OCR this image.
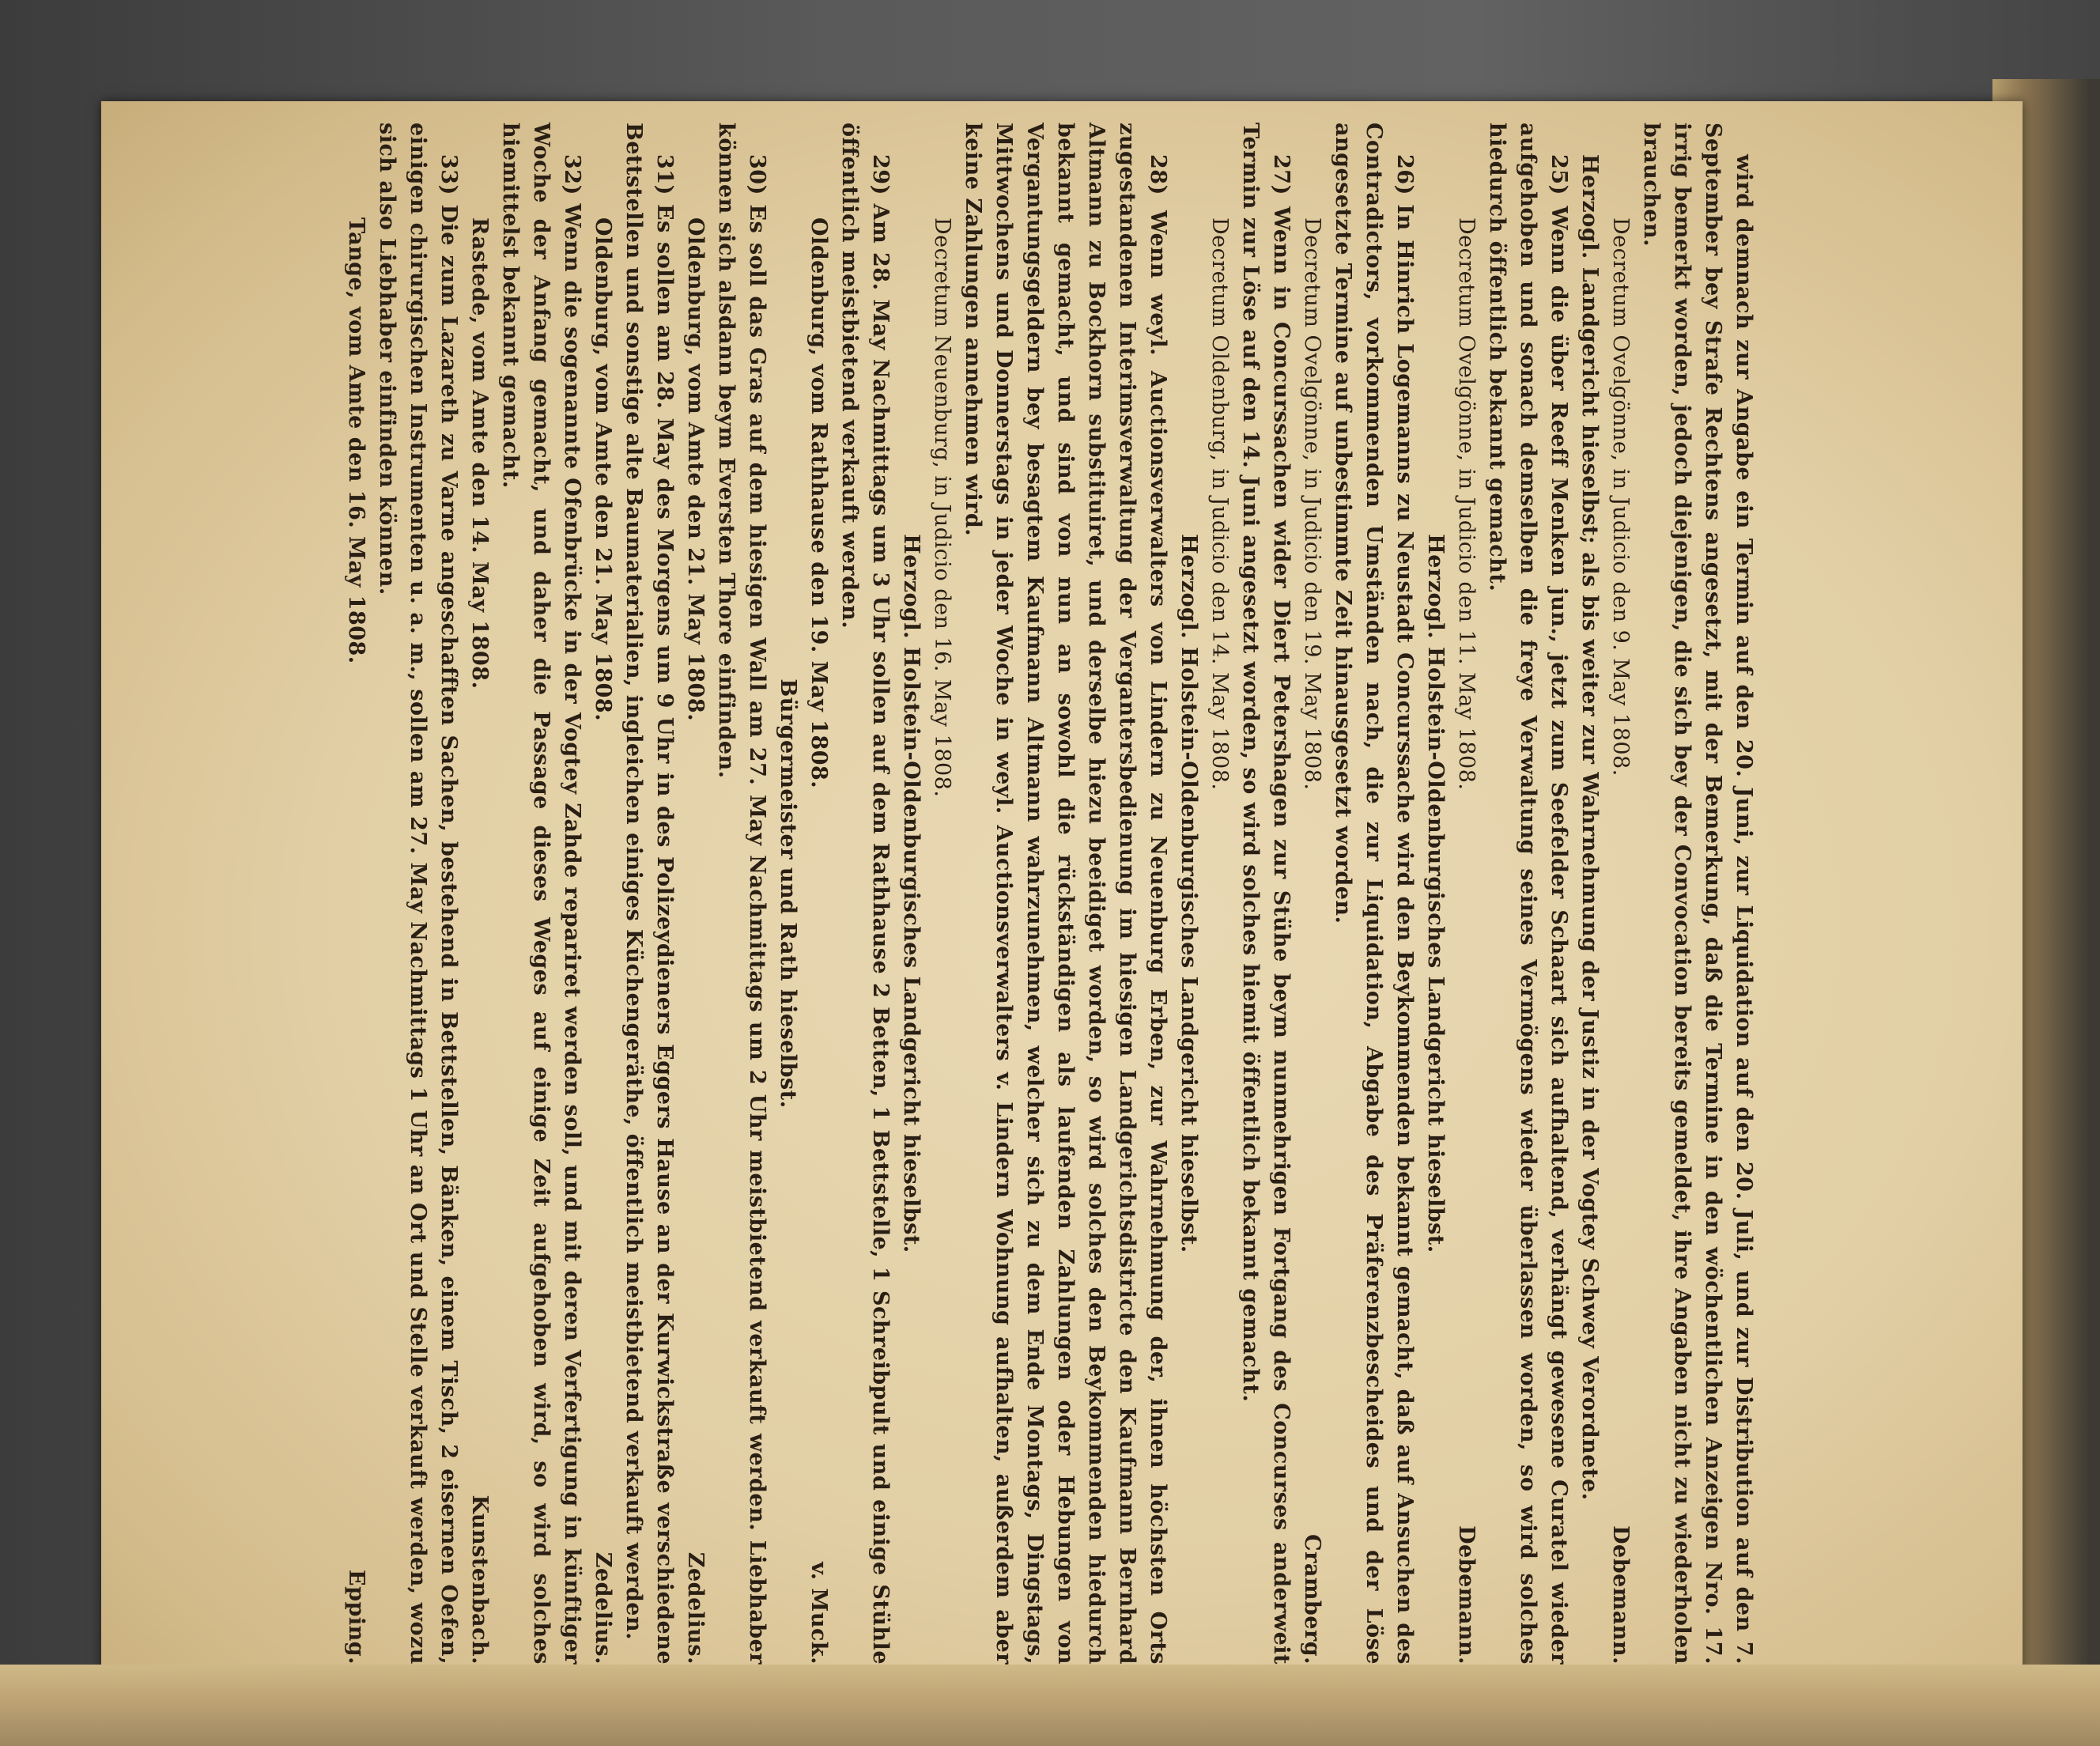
wird demnach zur Angabe ein Termin auf den 20. Juni, zur Liquidation auf den 20. Juli, und zur Distribution auf den 7. September bey Strafe Rechtens angesetzt, mit der Bemerkung, daß die Termine in den wöchentlichen Anzeigen Nro. 17. irrig bemerkt worden, jedoch diejenigen, die sich bey der Convocation bereits gemeldet, ihre Angaben nicht zu wiederholen brauchen.
Decretum Ovelgönne, in Judicio den 9. May 1808.
Debemann.
Herzogl. Landgericht hieselbst; als bis weiter zur Wahrnehmung der Justiz in der Vogtey Schwey Verordnete.
25) Wenn die über Reeff Menken jun., jetzt zum Seefelder Schaart sich aufhaltend, verhängt gewesene Curatel wieder aufgehoben und sonach demselben die freye Verwaltung seines Vermögens wieder überlassen worden, so wird solches hiedurch öffentlich bekannt gemacht.
Decretum Ovelgönne, in Judicio den 11. May 1808.
Debemann.
Herzogl. Holstein-Oldenburgisches Landgericht hieselbst.
26) In Hinrich Logemanns zu Neustadt Concurssache wird den Beykommenden bekannt gemacht, daß auf Ansuchen des Contradictors, vorkommenden Umständen nach, die zur Liquidation, Abgabe des Präferenzbescheides und der Löse angesetzte Termine auf unbestimmte Zeit hinausgesetzt worden.
Decretum Ovelgönne, in Judicio den 19. May 1808.
Cramberg.
27) Wenn in Concurssachen wider Diert Petershagen zur Stühe beym nunmehrigen Fortgang des Concurses anderweit Termin zur Löse auf den 14. Juni angesetzt worden, so wird solches hiemit öffentlich bekannt gemacht.
Decretum Oldenburg, in Judicio den 14. May 1808.
Herzogl. Holstein-Oldenburgisches Landgericht hieselbst.
28) Wenn weyl. Auctionsverwalters von Lindern zu Neuenburg Erben, zur Wahrnehmung der, ihnen höchsten Orts zugestandenen Interimsverwaltung der Vergantersbedienung im hiesigen Landgerichtsdistricte den Kaufmann Bernhard Altmann zu Bockhorn substituiret, und derselbe hiezu beeidiget worden, so wird solches den Beykommenden hiedurch bekannt gemacht, und sind von nun an sowohl die rückständigen als laufenden Zahlungen oder Hebungen von Vergantungsgeldern bey besagtem Kaufmann Altmann wahrzunehmen, welcher sich zu dem Ende Montags, Dingstags, Mittwochens und Donnerstags in jeder Woche in weyl. Auctionsverwalters v. Lindern Wohnung aufhalten, außerdem aber keine Zahlungen annehmen wird.
Decretum Neuenburg, in Judicio den 16. May 1808.
Herzogl. Holstein-Oldenburgisches Landgericht hieselbst.
29) Am 28. May Nachmittags um 3 Uhr sollen auf dem Rathhause 2 Betten, 1 Bettstelle, 1 Schreibpult und einige Stühle öffentlich meistbietend verkauft werden.
Oldenburg, vom Rathhause den 19. May 1808.
v. Muck.
Bürgermeister und Rath hieselbst.
30) Es soll das Gras auf dem hiesigen Wall am 27. May Nachmittags um 2 Uhr meistbietend verkauft werden. Liebhaber können sich alsdann beym Eversten Thore einfinden.
Oldenburg, vom Amte den 21. May 1808.
Zedelius.
31) Es sollen am 28. May des Morgens um 9 Uhr in des Polizeydieners Eggers Hause an der Kurwickstraße verschiedene Bettstellen und sonstige alte Baumaterialien, ingleichen einiges Küchengeräthe, öffentlich meistbietend verkauft werden.
Oldenburg, vom Amte den 21. May 1808.
Zedelius.
32) Wenn die sogenannte Ofenbrücke in der Vogtey Zahde repariret werden soll, und mit deren Verfertigung in künftiger Woche der Anfang gemacht, und daher die Passage dieses Weges auf einige Zeit aufgehoben wird, so wird solches hiemittelst bekannt gemacht.
Rastede, vom Amte den 14. May 1808.
Kunstenbach.
33) Die zum Lazareth zu Varne angeschafften Sachen, bestehend in Bettstellen, Bänken, einem Tisch, 2 eisernen Oefen, einigen chirurgischen Instrumenten u. a. m., sollen am 27. May Nachmittags 1 Uhr an Ort und Stelle verkauft werden, wozu sich also Liebhaber einfinden können.
Tange, vom Amte den 16. May 1808.
Epping.
